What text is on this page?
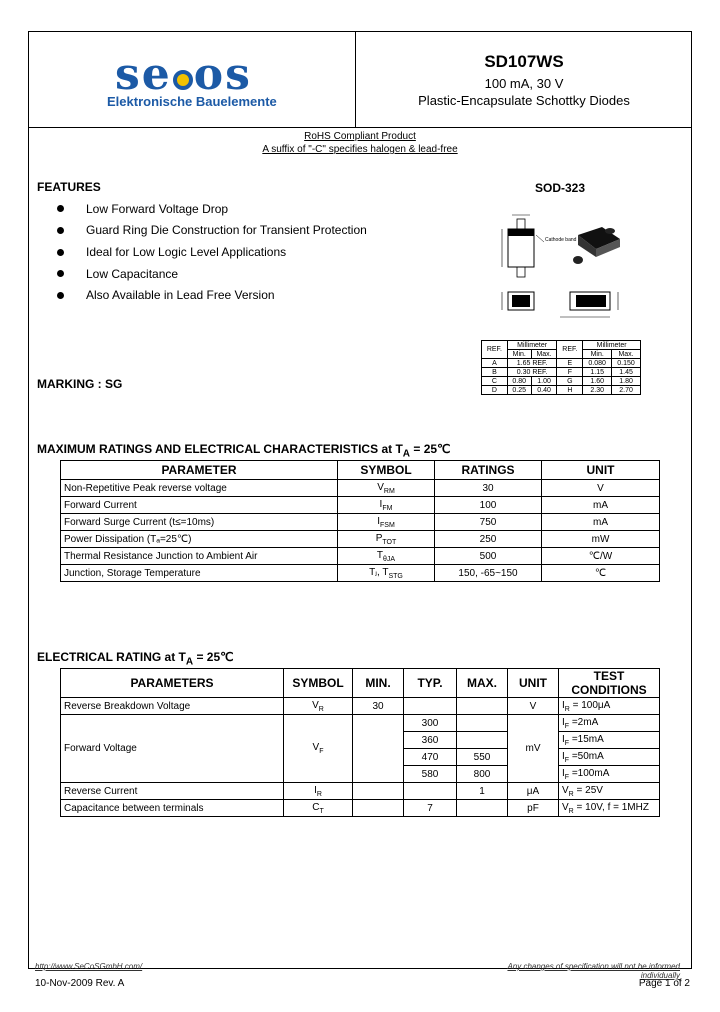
se os
Elektronische Bauelemente
SD107WS
100 mA, 30 V
Plastic-Encapsulate Schottky Diodes
RoHS Compliant Product
A suffix of "-C" specifies halogen & lead-free
FEATURES
Low Forward Voltage Drop
Guard Ring Die Construction for Transient Protection
Ideal for Low Logic Level Applications
Low Capacitance
Also Available in Lead Free Version
SOD-323
Cathode band
REF.	Millimeter		REF.	Millimeter	
	Min.	Max.		Min.	Max.
A	1.65 REF.		E	0.080	0.150
B	0.30 REF.		F	1.15	1.45
C	0.80	1.00	G	1.60	1.80
D	0.25	0.40	H	2.30	2.70
MARKING : SG
MAXIMUM RATINGS AND ELECTRICAL CHARACTERISTICS at $T_A$ = 25℃
PARAMETER	SYMBOL	RATINGS	UNIT
Non-Repetitive Peak reverse voltage	$V_{RM}$	30	V
Forward Current	$I_{FM}$	100	mA
Forward Surge Current (t≤=10ms)	$I_{FSM}$	750	mA
Power Dissipation (Tₐ=25℃)	$P_{TOT}$	250	mW
Thermal Resistance Junction to Ambient Air	$T_{\theta JA}$	500	℃/W
Junction, Storage Temperature	Tⱼ, $T_{STG}$	150, -65~150	℃
ELECTRICAL RATING at $T_A$ = 25℃
PARAMETERS	SYMBOL	MIN.	TYP.	MAX.	UNIT	TEST CONDITIONS
Reverse Breakdown Voltage	$V_R$	30			V	$I_R = 100\mu A$
Forward Voltage	$V_F$		300		mV	$I_F =2mA$
			360			$I_F =15mA$
			470	550		$I_F =50mA$
			580	800		$I_F =100mA$
Reverse Current	$I_R$			1	μA	$V_R = 25V$
Capacitance between terminals	$C_T$		7		pF	$V_R = 10V$, f = 1MHZ
http://www.SeCoSGmbH.com/	Any changes of specification will not be informed individually
10-Nov-2009 Rev. A	Page 1 of 2
